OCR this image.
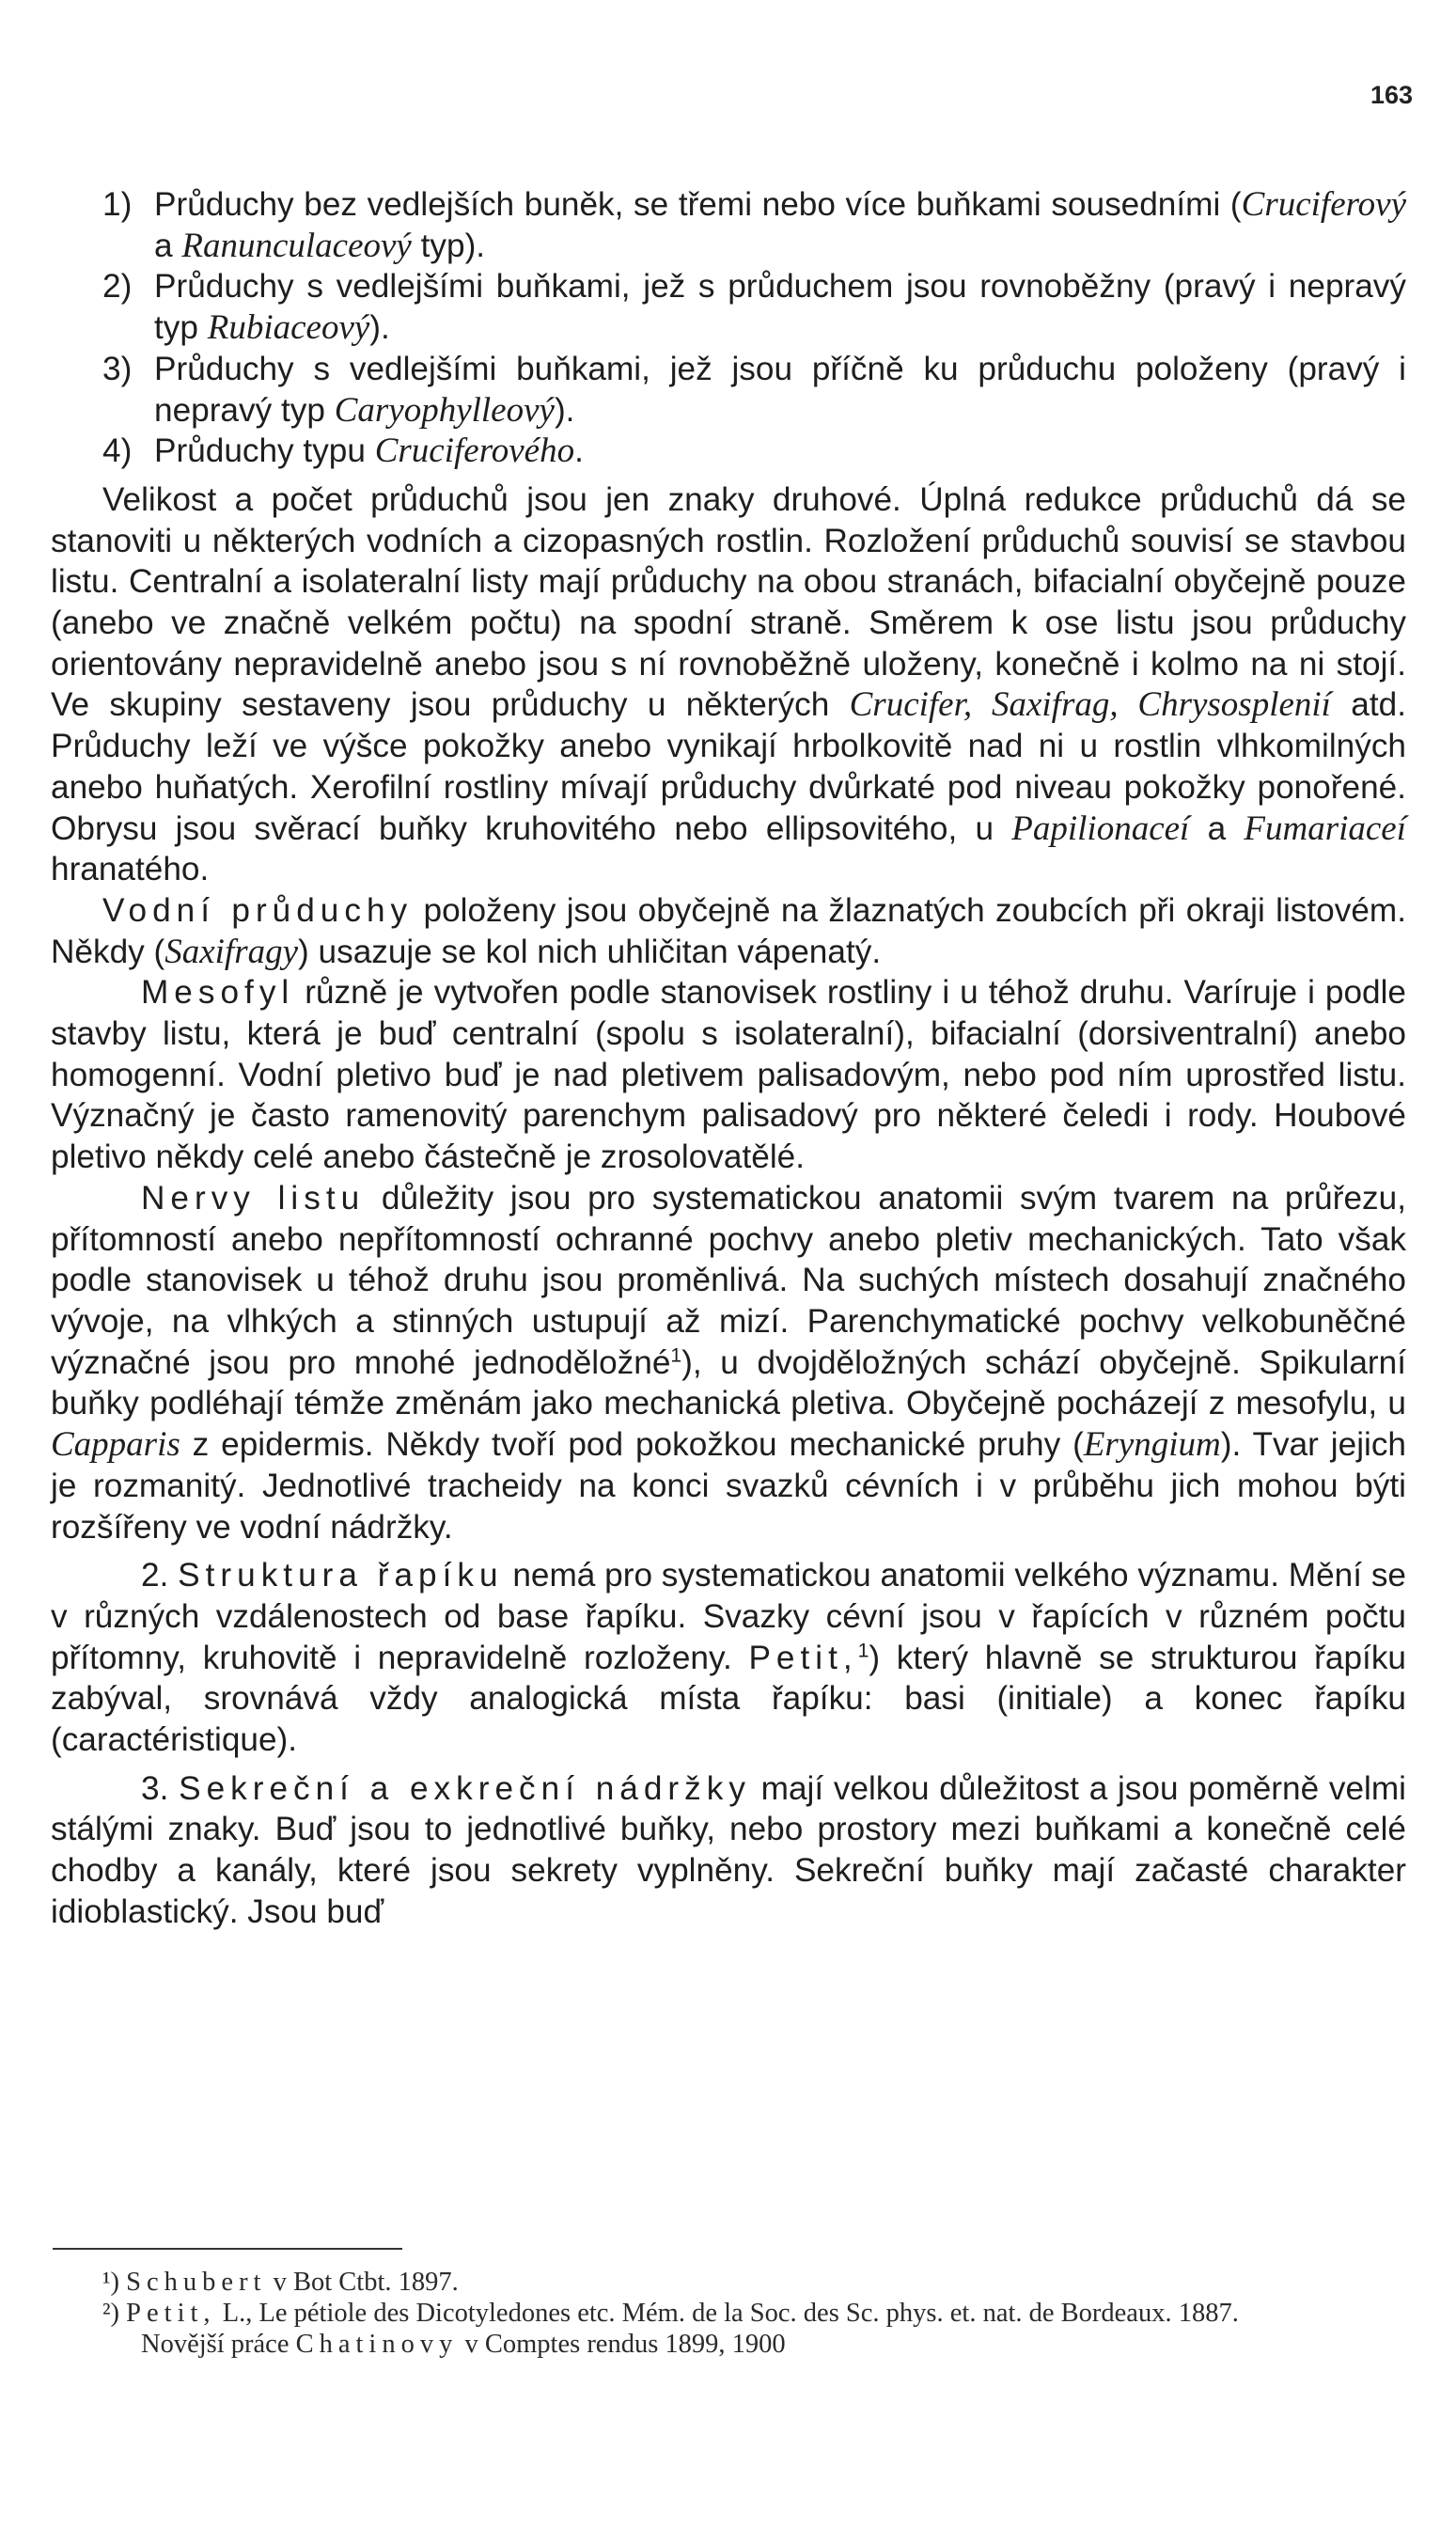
163

1) Průduchy bez vedlejších buněk, se třemi nebo více buňkami sousedními (Cruciferový a Ranunculaceový typ).

2) Průduchy s vedlejšími buňkami, jež s průduchem jsou rovnoběžny (pravý i nepravý typ Rubiaceový).

3) Průduchy s vedlejšími buňkami, jež jsou příčně ku průduchu položeny (pravý i nepravý typ Caryophylleový).

4) Průduchy typu Cruciferového.

Velikost a počet průduchů jsou jen znaky druhové. Úplná redukce průduchů dá se stanoviti u některých vodních a cizopasných rostlin. Rozložení průduchů souvisí se stavbou listu. Centralní a isolateralní listy mají průduchy na obou stranách, bifacialní obyčejně pouze (anebo ve značně velkém počtu) na spodní straně. Směrem k ose listu jsou průduchy orientovány nepravidelně anebo jsou s ní rovnoběžně uloženy, konečně i kolmo na ni stojí. Ve skupiny sestaveny jsou průduchy u některých Crucifer, Saxifrag, Chrysosplenií atd. Průduchy leží ve výšce pokožky anebo vynikají hrbolkovitě nad ni u rostlin vlhkomilných anebo huňatých. Xerofilní rostliny mívají průduchy dvůrkaté pod niveau pokožky ponořené. Obrysu jsou svěrací buňky kruhovitého nebo ellipsovitého, u Papilionaceí a Fumariaceí hranatého.

Vodní průduchy položeny jsou obyčejně na žlaznatých zoubcích při okraji listovém. Někdy (Saxifragy) usazuje se kol nich uhličitan vápenatý.

Mesofyl různě je vytvořen podle stanovisek rostliny i u téhož druhu. Varíruje i podle stavby listu, která je buď centralní (spolu s isolateralní), bifacialní (dorsiventralní) anebo homogenní. Vodní pletivo buď je nad pletivem palisadovým, nebo pod ním uprostřed listu. Význačný je často ramenovitý parenchym palisadový pro některé čeledi i rody. Houbové pletivo někdy celé anebo částečně je zrosolovatělé.

Nervy listu důležity jsou pro systematickou anatomii svým tvarem na průřezu, přítomností anebo nepřítomností ochranné pochvy anebo pletiv mechanických. Tato však podle stanovisek u téhož druhu jsou proměnlivá. Na suchých místech dosahují značného vývoje, na vlhkých a stinných ustupují až mizí. Parenchymatické pochvy velkobuněčné význačné jsou pro mnohé jednoděložné$^1$), u dvojděložných schází obyčejně. Spikularní buňky podléhají témže změnám jako mechanická pletiva. Obyčejně pocházejí z mesofylu, u Capparis z epidermis. Někdy tvoří pod pokožkou mechanické pruhy (Eryngium). Tvar jejich je rozmanitý. Jednotlivé tracheidy na konci svazků cévních i v průběhu jich mohou býti rozšířeny ve vodní nádržky.

2. Struktura řapíku nemá pro systematickou anatomii velkého významu. Mění se v různých vzdálenostech od base řapíku. Svazky cévní jsou v řapících v různém počtu přítomny, kruhovitě i nepravidelně rozloženy. Petit,$^1$) který hlavně se strukturou řapíku zabýval, srovnává vždy analogická místa řapíku: basi (initiale) a konec řapíku (caractéristique).

3. Sekreční a exkreční nádržky mají velkou důležitost a jsou poměrně velmi stálými znaky. Buď jsou to jednotlivé buňky, nebo prostory mezi buňkami a konečně celé chodby a kanály, které jsou sekrety vyplněny. Sekreční buňky mají začasté charakter idioblastický. Jsou buď

¹) Schubert v Bot Ctbt. 1897.

²) Petit, L., Le pétiole des Dicotyledones etc. Mém. de la Soc. des Sc. phys. et. nat. de Bordeaux. 1887.

Novější práce Chatinovy v Comptes rendus 1899, 1900
